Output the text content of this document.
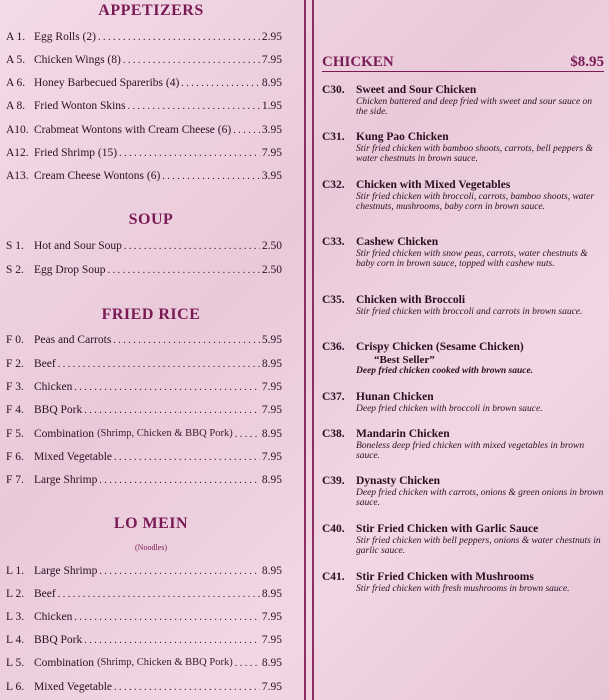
APPETIZERS
A 1. Egg Rolls (2) . . .	2.95
A 5. Chicken Wings (8) . . .	7.95
A 6. Honey Barbecued Spareribs (4) . . .	8.95
A 8. Fried Wonton Skins . . .	1.95
A10. Crabmeat Wontons with Cream Cheese (6) . . .	3.95
A12. Fried Shrimp (15) . . .	7.95
A13. Cream Cheese Wontons (6) . . .	3.95
SOUP
S 1. Hot and Sour Soup . . .	2.50
S 2. Egg Drop Soup . . .	2.50
FRIED RICE
F 0. Peas and Carrots . . .	5.95
F 2. Beef . . .	8.95
F 3. Chicken . . .	7.95
F 4. BBQ Pork . . .	7.95
F 5. Combination (Shrimp, Chicken & BBQ Pork) . . .	8.95
F 6. Mixed Vegetable . . .	7.95
F 7. Large Shrimp . . .	8.95
LO MEIN
(Noodles)
L 1. Large Shrimp . . .	8.95
L 2. Beef . . .	8.95
L 3. Chicken . . .	7.95
L 4. BBQ Pork . . .	7.95
L 5. Combination (Shrimp, Chicken & BBQ Pork) . . .	8.95
L 6. Mixed Vegetable . . .	7.95
CHICKEN	$8.95
C30. Sweet and Sour Chicken
Chicken battered and deep fried with sweet and sour sauce on the side.
C31. Kung Pao Chicken
Stir fried chicken with bamboo shoots, carrots, bell peppers & water chestnuts in brown sauce.
C32. Chicken with Mixed Vegetables
Stir fried chicken with broccoli, carrots, bamboo shoots, water chestnuts, mushrooms, baby corn in brown sauce.
C33. Cashew Chicken
Stir fried chicken with snow peas, carrots, water chestnuts & baby corn in brown sauce, topped with cashew nuts.
C35. Chicken with Broccoli
Stir fried chicken with broccoli and carrots in brown sauce.
C36. Crispy Chicken (Sesame Chicken)
“Best Seller”
Deep fried chicken cooked with brown sauce.
C37. Hunan Chicken
Deep fried chicken with broccoli in brown sauce.
C38. Mandarin Chicken
Boneless deep fried chicken with mixed vegetables in brown sauce.
C39. Dynasty Chicken
Deep fried chicken with carrots, onions & green onions in brown sauce.
C40. Stir Fried Chicken with Garlic Sauce
Stir fried chicken with bell peppers, onions & water chestnuts in garlic sauce.
C41. Stir Fried Chicken with Mushrooms
Stir fried chicken with fresh mushrooms in brown sauce.
